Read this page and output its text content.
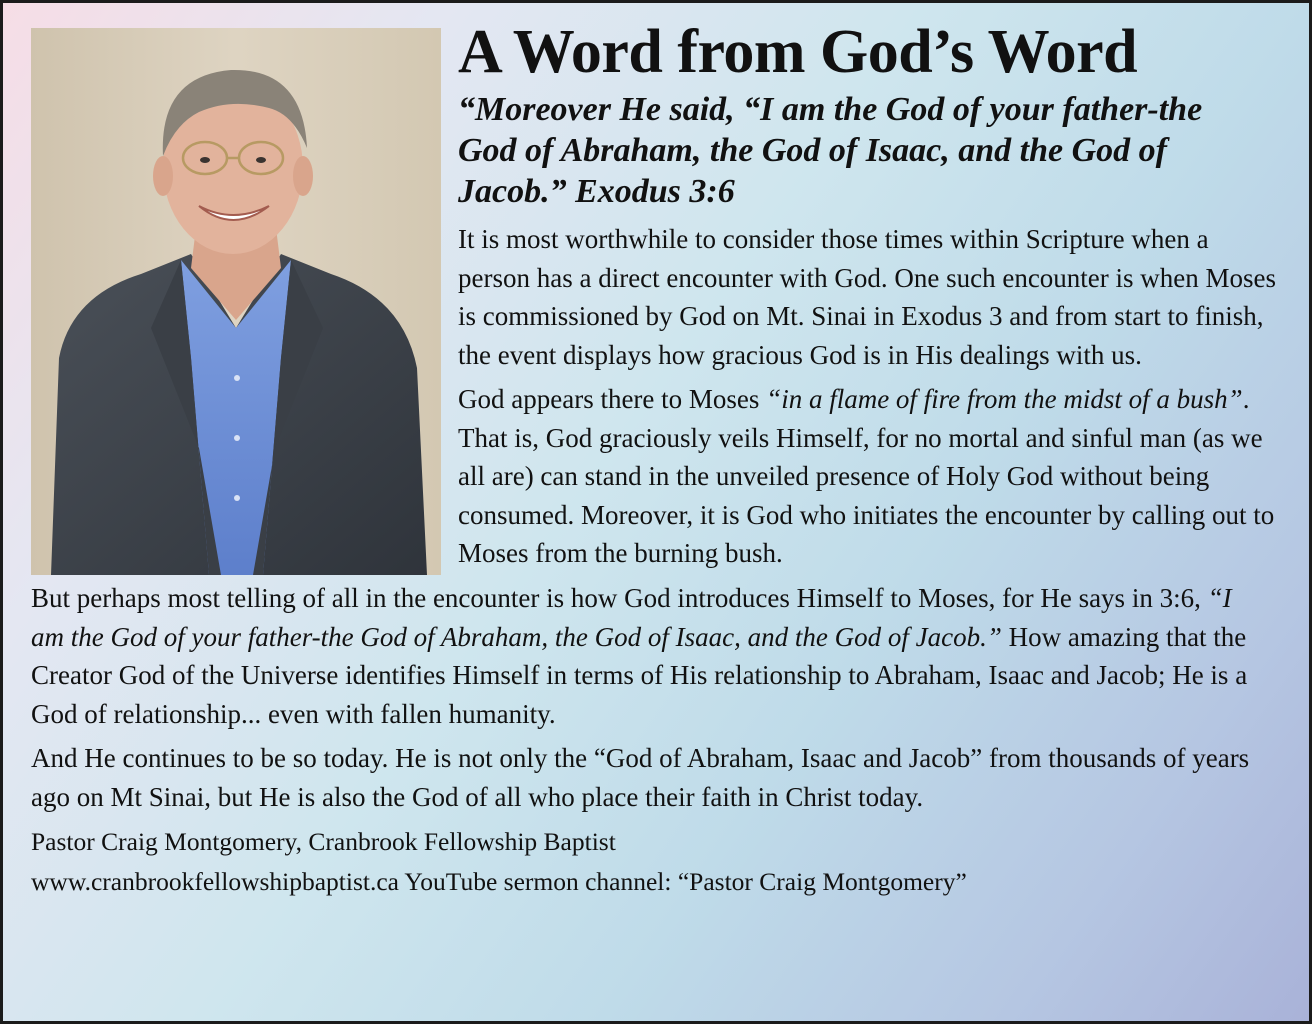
A Word from God’s Word
“Moreover He said, “I am the God of your father-the God of Abraham, the God of Isaac, and the God of Jacob.” Exodus 3:6

It is most worthwhile to consider those times within Scripture when a person has a direct encounter with God. One such encounter is when Moses is commissioned by God on Mt. Sinai in Exodus 3 and from start to finish, the event displays how gracious God is in His dealings with us.

God appears there to Moses “in a flame of fire from the midst of a bush”. That is, God graciously veils Himself, for no mortal and sinful man (as we all are) can stand in the unveiled presence of Holy God without being consumed. Moreover, it is God who initiates the encounter by calling out to Moses from the burning bush.

But perhaps most telling of all in the encounter is how God introduces Himself to Moses, for He says in 3:6, “I am the God of your father-the God of Abraham, the God of Isaac, and the God of Jacob.” How amazing that the Creator God of the Universe identifies Himself in terms of His relationship to Abraham, Isaac and Jacob; He is a God of relationship... even with fallen humanity.

And He continues to be so today. He is not only the “God of Abraham, Isaac and Jacob” from thousands of years ago on Mt Sinai, but He is also the God of all who place their faith in Christ today.

Pastor Craig Montgomery, Cranbrook Fellowship Baptist

www.cranbrookfellowshipbaptist.ca YouTube sermon channel: “Pastor Craig Montgomery”
